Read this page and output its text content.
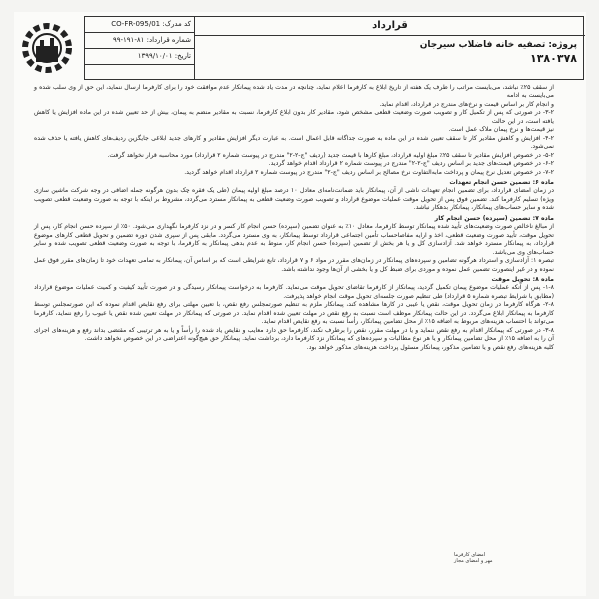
کد مدرک: CO-FR-095/01
شماره قرارداد: ۸۱-۱۹۱-۹۹
تاریخ: ۱۳۹۹/۱۰/۰۱
قرارداد
پروژه: تصفیه خانه فاضلاب سیرجان
۱۳۸۰۳۷۸

از سقف ۲۵٪ نباشد، می‌بایست مراتب را طرف یک هفته از تاریخ ابلاغ به کارفرما اعلام نماید، چنانچه در مدت یاد شده پیمانکار عدم موافقت خود را برای کارفرما ارسال ننماید، این حق از وی سلب شده و می‌بایست به ادامه

و انجام کار بر اساس قیمت و نرخ‌های مندرج در قرارداد، اقدام نماید.

۳-۲- در صورتی که پس از تکمیل کار و تصویب صورت وضعیت قطعی مشخص شود، مقادیر کار بدون ابلاغ کارفرما، نسبت به مقادیر منضم به پیمان، بیش از حد تعیین شده در این ماده افزایش یا کاهش یافته است، در این حالت

نیز قیمت‌ها و نرخ پیمان ملاک عمل است.

۴-۲- افزایش و کاهش مقادیر کار تا سقف تعیین شده در این ماده به صورت جداگانه قابل اعمال است. به عبارت دیگر افزایش مقادیر و کارهای جدید ابلاغی جایگزین ردیف‌های کاهش یافته یا حذف شده نمی‌شود.

۵-۲- در خصوص افزایش مقادیر تا سقف ۲۵٪ مبلغ اولیه قرارداد، مبلغ کارها با قیمت جدید (ردیف "ج-۲-۲" مندرج در پیوست شماره ۲ قرارداد) مورد محاسبه قرار نخواهد گرفت.

۶-۲- در خصوص قیمت‌های جدید بر اساس ردیف "ج-۲-۲" مندرج در پیوست شماره ۲ قرارداد اقدام خواهد گردید.

۷-۲- در خصوص تعدیل نرخ پیمان و پرداخت مابه‌التفاوت نرخ مصالح بر اساس ردیف "ج-۲" مندرج در پیوست شماره ۲ قرارداد اقدام خواهد گردید.

ماده ۶: تضمین حسن انجام تعهدات

در زمان امضای قرارداد، برای تضمین انجام تعهدات ناشی از آن، پیمانکار باید ضمانت‌نامه‌ای معادل ۱۰ درصد مبلغ اولیه پیمان (طی یک فقره چک بدون هرگونه جمله اضافی در وجه شرکت ماشین سازی ویژه) تسلیم کارفرما کند. تضمین فوق پس از تحویل موقت عملیات موضوع قرارداد و تصویب صورت وضعیت قطعی به پیمانکار مسترد می‌گردد، مشروط بر اینکه با توجه به صورت وضعیت قطعی تصویب شده و سایر حساب‌های پیمانکار، پیمانکار بدهکار نباشد.

ماده ۷: تضمین (سپرده) حسن انجام کار

از مبالغ ناخالص صورت وضعیت‌های تأیید شده پیمانکار توسط کارفرما، معادل ۱۰٪ به عنوان تضمین (سپرده) حسن انجام کار کسر و در نزد کارفرما نگهداری می‌شود. ۵۰٪ از سپرده حسن انجام کار، پس از تحویل موقت، تأیید صورت وضعیت قطعی، اخذ و ارایه مفاصاحساب تأمین اجتماعی قرارداد توسط پیمانکار، به وی مسترد می‌گردد. مابقی پس از سپری شدن دوره تضمین و تحویل قطعی کارهای موضوع قرارداد، به پیمانکار مسترد خواهد شد. آزادسازی کل و یا هر بخش از تضمین (سپرده) حسن انجام کار، منوط به عدم بدهی پیمانکار به کارفرما، با توجه به صورت وضعیت قطعی تصویب شده و سایر حساب‌های وی می‌باشد.

تبصره ۱: آزادسازی و استرداد هرگونه تضامین و سپرده‌های پیمانکار در زمان‌های مقرر در مواد ۶ و ۷ قرارداد، تابع شرایطی است که بر اساس آن، پیمانکار به تمامی تعهدات خود تا زمان‌های مقرر فوق عمل نموده و در غیر اینصورت تضمین عمل نموده و موردی برای ضبط کل و یا بخشی از آن‌ها وجود نداشته باشد.

ماده ۸: تحویل موقت

۱-۸- پس از آنکه عملیات موضوع پیمان تکمیل گردید، پیمانکار از کارفرما تقاضای تحویل موقت می‌نماید. کارفرما به درخواست پیمانکار رسیدگی و در صورت تأیید کیفیت و کمیت عملیات موضوع قرارداد (مطابق با شرایط تبصره شماره ۵ قرارداد) طی تنظیم صورت جلسه‌ای تحویل موقت انجام خواهد پذیرفت.

۲-۸- هرگاه کارفرما در زمان تحویل موقت، نقص یا عیبی در کارها مشاهده کند، پیمانکار ملزم به تنظیم صورتمجلس رفع نقص، با تعیین مهلتی برای رفع نقایص اقدام نموده که این صورتمجلس توسط کارفرما به پیمانکار ابلاغ می‌گردد. در این حالت پیمانکار موظف است نسبت به رفع نقص در مهلت تعیین شده اقدام نماید. در صورتی که پیمانکار در مهلت تعیین شده نقص یا عیوب را رفع ننماید، کارفرما می‌تواند با احتساب هزینه‌های مربوط به اضافه ۱۵٪ از محل تضامین پیمانکار، رأساً نسبت به رفع نقایص اقدام نماید.

۳-۸- در صورتی که پیمانکار اقدام به رفع نقص ننماید و یا در مهلت مقرر، نقص را برطرف نکند، کارفرما حق دارد معایب و نقایص یاد شده را رأساً و یا به هر ترتیبی که مقتضی بداند رفع و هزینه‌های اجرای آن را به اضافه ۱۵٪ از محل تضامین پیمانکار و یا هر نوع مطالبات و سپرده‌های که پیمانکار نزد کارفرما دارد، برداشت نماید. پیمانکار حق هیچ‌گونه اعتراضی در این خصوص نخواهد داشت.

کلیه هزینه‌های رفع نقص و یا تضامین مذکور، پیمانکار مسئول پرداخت هزینه‌های مذکور خواهد بود.

امضای کارفرما
مهر و امضای مجاز
